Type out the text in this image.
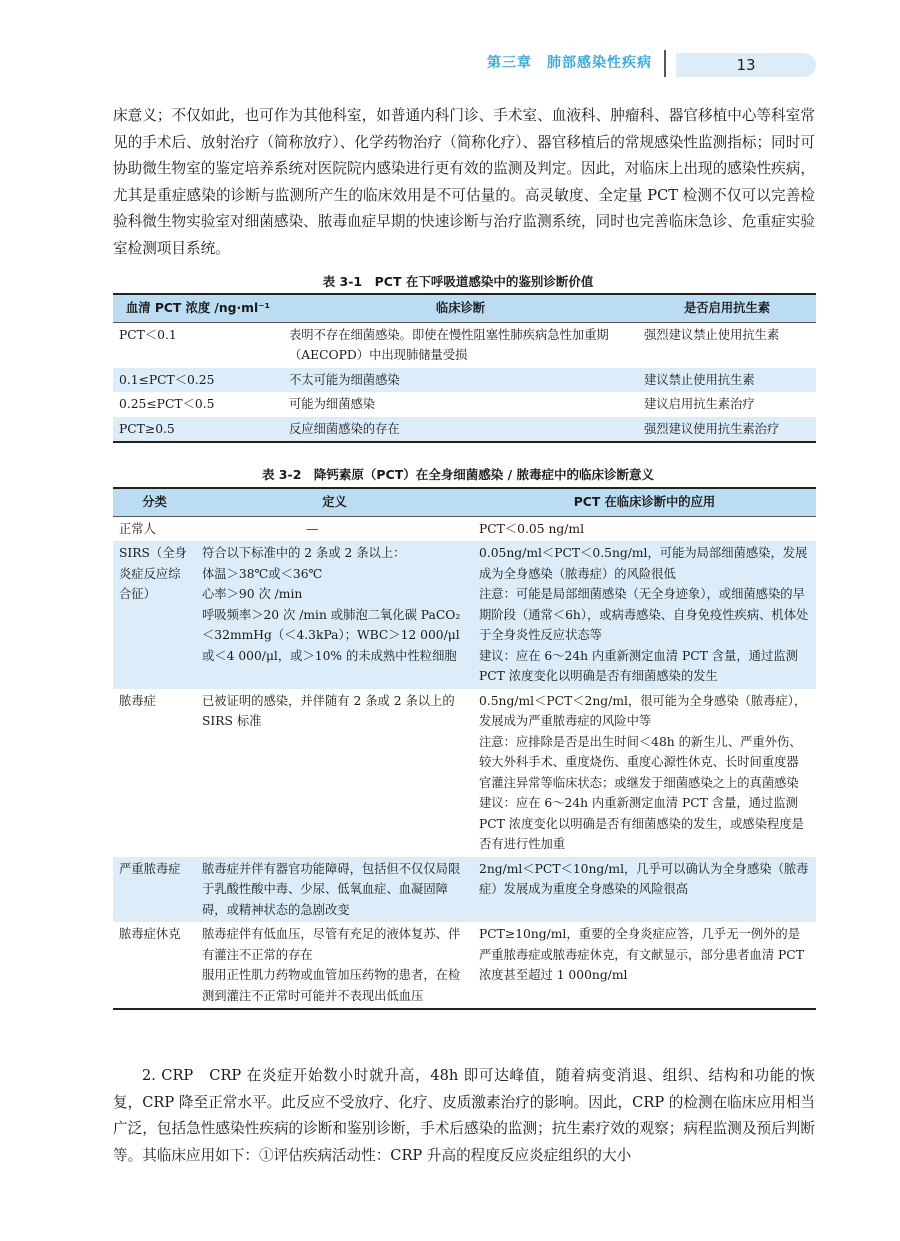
第三章　肺部感染性疾病	13

床意义；不仅如此，也可作为其他科室，如普通内科门诊、手术室、血液科、肿瘤科、器官移植中心等科室常见的手术后、放射治疗（简称放疗）、化学药物治疗（简称化疗）、器官移植后的常规感染性监测指标；同时可协助微生物室的鉴定培养系统对医院院内感染进行更有效的监测及判定。因此，对临床上出现的感染性疾病，尤其是重症感染的诊断与监测所产生的临床效用是不可估量的。高灵敏度、全定量 PCT 检测不仅可以完善检验科微生物实验室对细菌感染、脓毒血症早期的快速诊断与治疗监测系统，同时也完善临床急诊、危重症实验室检测项目系统。

表 3-1　PCT 在下呼吸道感染中的鉴别诊断价值
血清 PCT 浓度 /ng·ml⁻¹	临床诊断	是否启用抗生素
PCT＜0.1	表明不存在细菌感染。即使在慢性阻塞性肺疾病急性加重期（AECOPD）中出现肺储量受损	强烈建议禁止使用抗生素
0.1≤PCT＜0.25	不太可能为细菌感染	建议禁止使用抗生素
0.25≤PCT＜0.5	可能为细菌感染	建议启用抗生素治疗
PCT≥0.5	反应细菌感染的存在	强烈建议使用抗生素治疗
表 3-2　降钙素原（PCT）在全身细菌感染 / 脓毒症中的临床诊断意义
分类	定义	PCT 在临床诊断中的应用
正常人	—	PCT＜0.05 ng/ml

SIRS（全身炎症反应综合征）	符合以下标准中的 2 条或 2 条以上：
体温＞38℃或＜36℃
心率＞90 次 /min
呼吸频率＞20 次 /min 或肺泡二氧化碳 PaCO₂＜32mmHg（＜4.3kPa）；WBC＞12 000/μl 或＜4 000/μl，或＞10% 的未成熟中性粒细胞	0.05ng/ml＜PCT＜0.5ng/ml，可能为局部细菌感染，发展成为全身感染（脓毒症）的风险很低
注意：可能是局部细菌感染（无全身迹象），或细菌感染的早期阶段（通常＜6h），或病毒感染、自身免疫性疾病、机体处于全身炎性反应状态等
建议：应在 6～24h 内重新测定血清 PCT 含量，通过监测 PCT 浓度变化以明确是否有细菌感染的发生

脓毒症	已被证明的感染，并伴随有 2 条或 2 条以上的 SIRS 标准	0.5ng/ml＜PCT＜2ng/ml，很可能为全身感染（脓毒症），发展成为严重脓毒症的风险中等
注意：应排除是否是出生时间＜48h 的新生儿、严重外伤、较大外科手术、重度烧伤、重度心源性休克、长时间重度器官灌注异常等临床状态；或继发于细菌感染之上的真菌感染
建议：应在 6～24h 内重新测定血清 PCT 含量，通过监测 PCT 浓度变化以明确是否有细菌感染的发生，或感染程度是否有进行性加重

严重脓毒症	脓毒症并伴有器官功能障碍，包括但不仅仅局限于乳酸性酸中毒、少尿、低氧血症、血凝固障碍，或精神状态的急剧改变	2ng/ml＜PCT＜10ng/ml，几乎可以确认为全身感染（脓毒症）发展成为重度全身感染的风险很高

脓毒症休克	脓毒症伴有低血压，尽管有充足的液体复苏、伴有灌注不正常的存在
服用正性肌力药物或血管加压药物的患者，在检测到灌注不正常时可能并不表现出低血压	PCT≥10ng/ml，重要的全身炎症应答，几乎无一例外的是严重脓毒症或脓毒症休克，有文献显示，部分患者血清 PCT 浓度甚至超过 1 000ng/ml

2. CRP　CRP 在炎症开始数小时就升高，48h 即可达峰值，随着病变消退、组织、结构和功能的恢复，CRP 降至正常水平。此反应不受放疗、化疗、皮质激素治疗的影响。因此，CRP 的检测在临床应用相当广泛，包括急性感染性疾病的诊断和鉴别诊断，手术后感染的监测；抗生素疗效的观察；病程监测及预后判断等。其临床应用如下：①评估疾病活动性：CRP 升高的程度反应炎症组织的大小
